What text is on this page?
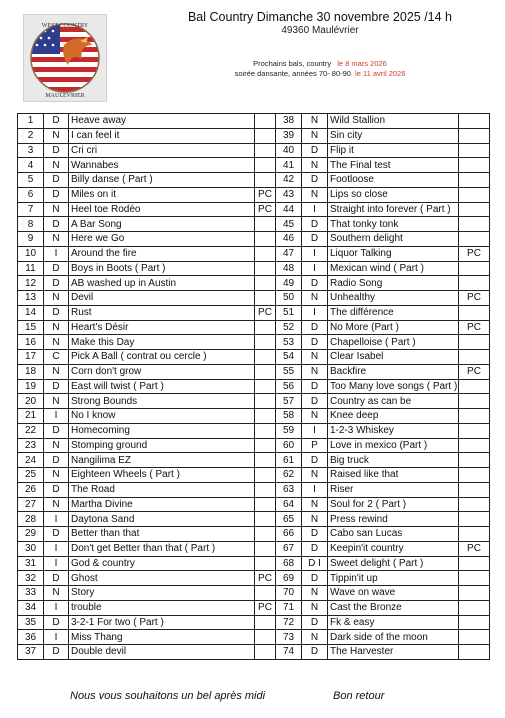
WEST COUNTRY
MAULEVRIER
Bal Country Dimanche 30 novembre 2025 /14 h
49360 Maulévrier
Prochains bals, country le 8 mars 2026
soirée dansante, années 70- 80-90 le 11 avril 2026
1	D	Heave away		38	N	Wild Stallion	
2	N	I can feel it		39	N	Sin city	
3	D	Cri cri		40	D	Flip it	
4	N	Wannabes		41	N	The Final test	
5	D	Billy danse ( Part )		42	D	Footloose	
6	D	Miles on it	PC	43	N	Lips so close	
7	N	Heel toe Rodéo	PC	44	I	Straight into forever ( Part )	
8	D	A Bar Song		45	D	That tonky tonk	
9	N	Here we Go		46	D	Southern delight	
10	I	Around the fire		47	I	Liquor Talking	PC
11	D	Boys in Boots ( Part )		48	I	Mexican wind ( Part )	
12	D	AB washed up in Austin		49	D	Radio Song	
13	N	Devil		50	N	Unhealthy	PC
14	D	Rust	PC	51	I	The différence	
15	N	Heart's Désir		52	D	No More (Part )	PC
16	N	Make this Day		53	D	Chapelloise ( Part )	
17	C	Pick A Ball ( contrat ou cercle )		54	N	Clear Isabel	
18	N	Corn don't grow		55	N	Backfire	PC
19	D	East will twist ( Part )		56	D	Too Many love songs ( Part )	
20	N	Strong Bounds		57	D	Country as can be	
21	I	No I know		58	N	Knee deep	
22	D	Homecoming		59	I	1-2-3 Whiskey	
23	N	Stomping ground		60	P	Love in mexico (Part )	
24	D	Nangilima EZ		61	D	Big truck	
25	N	Eighteen Wheels ( Part )		62	N	Raised like that	
26	D	The Road		63	I	Riser	
27	N	Martha Divine		64	N	Soul for 2 ( Part )	
28	I	Daytona Sand		65	N	Press rewind	
29	D	Better than that		66	D	Cabo san Lucas	
30	I	Don't get Better than that ( Part )		67	D	Keepin'it country	PC
31	I	God & country		68	D I	Sweet delight ( Part )	
32	D	Ghost	PC	69	D	Tippin'it up	
33	N	Story		70	N	Wave on wave	
34	I	trouble	PC	71	N	Cast the Bronze	
35	D	3-2-1 For two ( Part )		72	D	Fk & easy	
36	I	Miss Thang		73	N	Dark side of the moon	
37	D	Double devil		74	D	The Harvester	
Nous vous souhaitons un bel après midi	Bon retour
